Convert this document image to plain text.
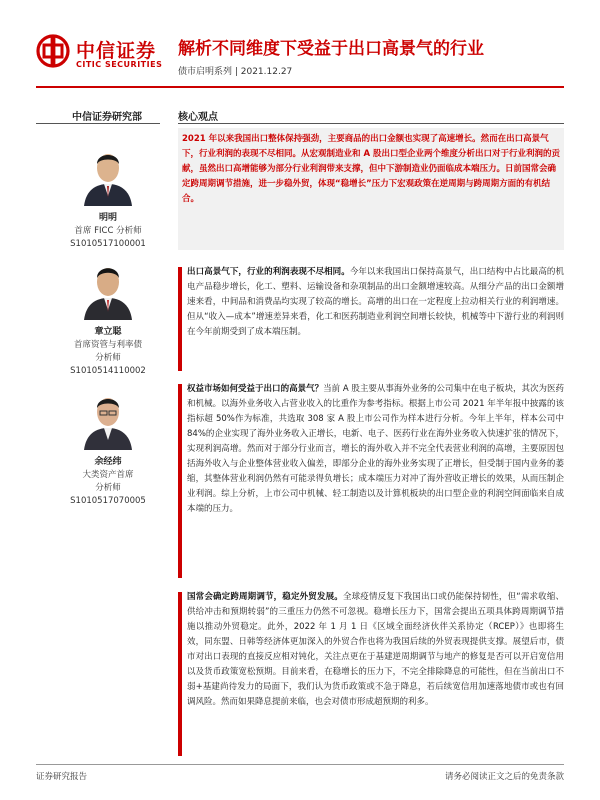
中信证券
CITIC SECURITIES
解析不同维度下受益于出口高景气的行业
债市启明系列 | 2021.12.27
中信证券研究部	核心观点
明明
首席 FICC 分析师
S1010517100001
章立聪
首席资管与利率债
分析师
S1010514110002
余经纬
大类资产首席
分析师
S1010517070005

2021 年以来我国出口整体保持强劲，主要商品的出口金额也实现了高速增长。然而在出口高景气下，行业利润的表现不尽相同。从宏观制造业和 A 股出口型企业两个维度分析出口对于行业利润的贡献，虽然出口高增能够为部分行业利润带来支撑，但中下游制造业仍面临成本端压力。日前国常会确定跨周期调节措施，进一步稳外贸，体现“稳增长”压力下宏观政策在逆周期与跨周期方面的有机结合。

出口高景气下，行业的利润表现不尽相同。今年以来我国出口保持高景气，出口结构中占比最高的机电产品稳步增长，化工、塑料、运输设备和杂项制品的出口金额增速较高。从细分产品的出口金额增速来看，中间品和消费品均实现了较高的增长。高增的出口在一定程度上拉动相关行业的利润增速。但从“收入—成本”增速差异来看，化工和医药制造业利润空间增长较快，机械等中下游行业的利润则在今年前期受到了成本端压制。

权益市场如何受益于出口的高景气？当前 A 股主要从事海外业务的公司集中在电子板块，其次为医药和机械。以海外业务收入占营业收入的比重作为参考指标。根据上市公司 2021 年半年报中披露的该指标超 50%作为标准，共选取 308 家 A 股上市公司作为样本进行分析。今年上半年，样本公司中 84%的企业实现了海外业务收入正增长，电新、电子、医药行业在海外业务收入快速扩张的情况下，实现利润高增。然而对于部分行业而言，增长的海外收入并不完全代表营业利润的高增，主要原因包括海外收入与企业整体营业收入偏差，即部分企业的海外业务实现了正增长，但受制于国内业务的萎缩，其整体营业利润仍然有可能录得负增长；成本端压力对冲了海外营收正增长的效果，从而压制企业利润。综上分析，上市公司中机械、轻工制造以及计算机板块的出口型企业的利润空间面临来自成本端的压力。

国常会确定跨周期调节，稳定外贸发展。全球疫情反复下我国出口或仍能保持韧性，但“需求收缩、供给冲击和预期转弱”的三重压力仍然不可忽视。稳增长压力下，国常会提出五项具体跨周期调节措施以推动外贸稳定。此外，2022 年 1 月 1 日《区域全面经济伙伴关系协定（RCEP）》也即将生效，同东盟、日韩等经济体更加深入的外贸合作也将为我国后续的外贸表现提供支撑。展望后市，债市对出口表现的直接反应相对钝化，关注点更在于基建逆周期调节与地产的修复是否可以开启宽信用以及货币政策宽松预期。目前来看，在稳增长的压力下，不完全排除降息的可能性，但在当前出口不弱+基建尚待发力的局面下，我们认为货币政策或不急于降息，若后续宽信用加速落地债市或也有回调风险。然而如果降息提前来临，也会对债市形成超预期的利多。

证券研究报告	请务必阅读正文之后的免责条款
